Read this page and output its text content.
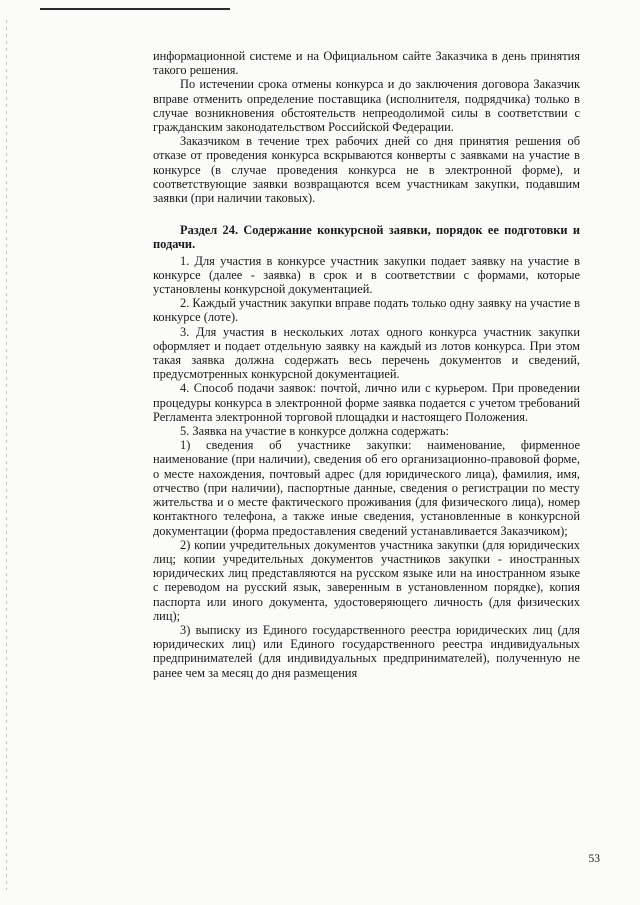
информационной системе и на Официальном сайте Заказчика в день принятия такого решения.

По истечении срока отмены конкурса и до заключения договора Заказчик вправе отменить определение поставщика (исполнителя, подрядчика) только в случае возникновения обстоятельств непреодолимой силы в соответствии с гражданским законодательством Российской Федерации.

Заказчиком в течение трех рабочих дней со дня принятия решения об отказе от проведения конкурса вскрываются конверты с заявками на участие в конкурсе (в случае проведения конкурса не в электронной форме), и соответствующие заявки возвращаются всем участникам закупки, подавшим заявки (при наличии таковых).

Раздел 24. Содержание конкурсной заявки, порядок ее подготовки и подачи.

1. Для участия в конкурсе участник закупки подает заявку на участие в конкурсе (далее - заявка) в срок и в соответствии с формами, которые установлены конкурсной документацией.

2. Каждый участник закупки вправе подать только одну заявку на участие в конкурсе (лоте).

3. Для участия в нескольких лотах одного конкурса участник закупки оформляет и подает отдельную заявку на каждый из лотов конкурса. При этом такая заявка должна содержать весь перечень документов и сведений, предусмотренных конкурсной документацией.

4. Способ подачи заявок: почтой, лично или с курьером. При проведении процедуры конкурса в электронной форме заявка подается с учетом требований Регламента электронной торговой площадки и настоящего Положения.

5. Заявка на участие в конкурсе должна содержать:

1) сведения об участнике закупки: наименование, фирменное наименование (при наличии), сведения об его организационно-правовой форме, о месте нахождения, почтовый адрес (для юридического лица), фамилия, имя, отчество (при наличии), паспортные данные, сведения о регистрации по месту жительства и о месте фактического проживания (для физического лица), номер контактного телефона, а также иные сведения, установленные в конкурсной документации (форма предоставления сведений устанавливается Заказчиком);

2) копии учредительных документов участника закупки (для юридических лиц; копии учредительных документов участников закупки - иностранных юридических лиц представляются на русском языке или на иностранном языке с переводом на русский язык, заверенным в установленном порядке), копия паспорта или иного документа, удостоверяющего личность (для физических лиц);

3) выписку из Единого государственного реестра юридических лиц (для юридических лиц) или Единого государственного реестра индивидуальных предпринимателей (для индивидуальных предпринимателей), полученную не ранее чем за месяц до дня размещения

53
